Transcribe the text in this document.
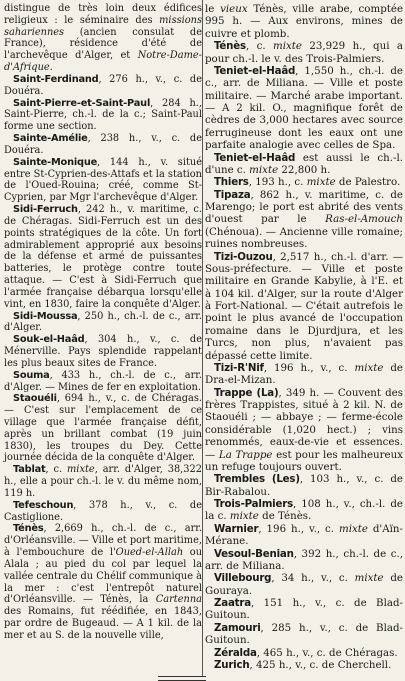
distingue de très loin deux édifices religieux : le séminaire des missions sahariennes (ancien consulat de France), résidence d'été de l'archevêque d'Alger, et Notre-Dame-d'Afrique.

Saint-Ferdinand, 276 h., v., c. de Douéra.

Saint-Pierre-et-Saint-Paul, 284 h., Saint-Pierre, ch.-l. de la c.; Saint-Paul forme une section.

Sainte-Amélie, 238 h., v., c. de Douéra.

Sainte-Monique, 144 h., v. situé entre St-Cyprien-des-Attafs et la station de l'Oued-Rouina; créé, comme St-Cyprien, par Mgr l'archevêque d'Alger.

Sidi-Ferruch, 242 h., v. maritime, c. de Chéragas. Sidi-Ferruch est un des points stratégiques de la côte. Un fort admirablement approprié aux besoins de la défense et armé de puissantes batteries, le protège contre toute attaque. — C'est à Sidi-Ferruch que l'armée française débarqua lorsqu'elle vint, en 1830, faire la conquête d'Alger.

Sidi-Moussa, 250 h., ch.-l. de c., arr. d'Alger.

Souk-el-Haâd, 304 h., v., c. de Ménerville. Pays splendide rappelant les plus beaux sites de France.

Souma, 433 h., ch.-l. de c., arr. d'Alger. — Mines de fer en exploitation.

Staouéli, 694 h., v., c. de Chéragas. — C'est sur l'emplacement de ce village que l'armée française défit, après un brillant combat (19 juin 1830), les troupes du Dey. Cette journée décida de la conquête d'Alger.

Tablat, c. mixte, arr. d'Alger, 38,322 h., elle a pour ch.-l. le v. du même nom, 119 h.

Tefeschoun, 378 h., v., c. de Castiglione.

Ténès, 2,669 h., ch.-l. de c., arr. d'Orléansville. — Ville et port maritime, à l'embouchure de l'Oued-el-Allah ou Alala ; au pied du col par lequel la vallée centrale du Chélif communique à la mer : c'est l'entrepôt naturel d'Orléansville. — Ténès, la Cartenna des Romains, fut réédifiée, en 1843, par ordre de Bugeaud. — A 1 kil. de la mer et au S. de la nouvelle ville,

le vieux Ténès, ville arabe, comptée 995 h. — Aux environs, mines de cuivre et plomb.

Ténès, c. mixte 23,929 h., qui a pour ch.-l. le v. des Trois-Palmiers.

Teniet-el-Haâd, 1,550 h., ch.-l. de c., arr. de Miliana. — Ville et poste militaire. — Marché arabe important. — A 2 kil. O., magnifique forêt de cèdres de 3,000 hectares avec source ferrugineuse dont les eaux ont une parfaite analogie avec celles de Spa.

Teniet-el-Haâd est aussi le ch.-l. d'une c. mixte 22,800 h.

Thiers, 193 h., c. mixte de Palestro.

Tipaza, 862 h., v. maritime, c. de Marengo; le port est abrité des vents d'ouest par le Ras-el-Amouch (Chénoua). — Ancienne ville romaine; ruines nombreuses.

Tizi-Ouzou, 2,517 h., ch.-l. d'arr. — Sous-préfecture. — Ville et poste militaire en Grande Kabylie, à l'E. et à 104 kil. d'Alger, sur la route d'Alger à Fort-National. — C'était autrefois le point le plus avancé de l'occupation romaine dans le Djurdjura, et les Turcs, non plus, n'avaient pas dépassé cette limite.

Tizi-R'Nif, 196 h., v., c. mixte de Dra-el-Mizan.

Trappe (La), 349 h. — Couvent des frères Trappistes, situé à 2 kil. N. de Staouéli ; — abbaye ; — ferme-école considérable (1,020 hect.) ; vins renommés, eaux-de-vie et essences. — La Trappe est pour les malheureux un refuge toujours ouvert.

Trembles (Les), 103 h., v., c. de Bir-Rabalou.

Trois-Palmiers, 108 h., v., ch.-l. de la c. mixte de Ténès.

Warnier, 196 h., v., c. mixte d'Aïn-Mérane.

Vesoul-Benian, 392 h., ch.-l. de c., arr. de Miliana.

Villebourg, 34 h., v., c. mixte de Gouraya.

Zaatra, 151 h., v., c. de Blad-Guitoun.

Zamouri, 285 h., v., c. de Blad-Guitoun.

Zéralda, 465 h., v., c. de Chéragas.

Zurich, 425 h., v., c. de Cherchell.
